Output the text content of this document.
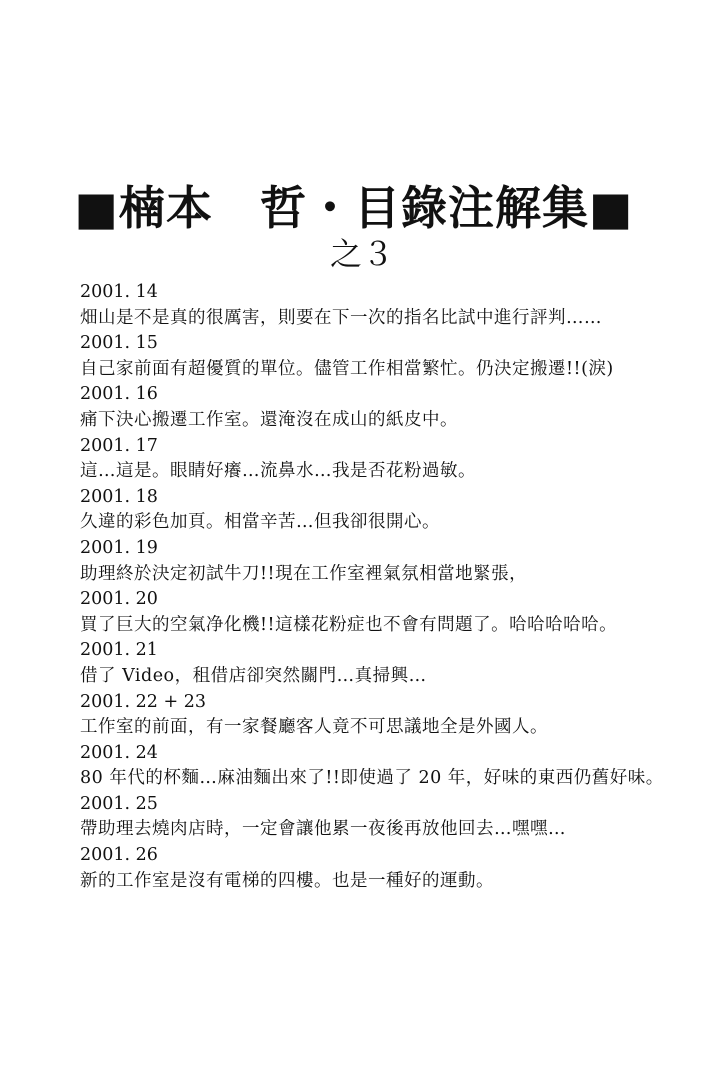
■楠本　哲・目錄注解集■
之３
2001. 14
畑山是不是真的很厲害，則要在下一次的指名比試中進行評判……
2001. 15
自己家前面有超優質的單位。儘管工作相當繁忙。仍決定搬遷!!(淚)
2001. 16
痛下決心搬遷工作室。還淹沒在成山的紙皮中。
2001. 17
這…這是。眼睛好癢…流鼻水…我是否花粉過敏。
2001. 18
久違的彩色加頁。相當辛苦…但我卻很開心。
2001. 19
助理終於決定初試牛刀!!現在工作室裡氣氛相當地緊張，
2001. 20
買了巨大的空氣净化機!!這樣花粉症也不會有問題了。哈哈哈哈哈。
2001. 21
借了 Video，租借店卻突然關門…真掃興…
2001. 22 + 23
工作室的前面，有一家餐廳客人竟不可思議地全是外國人。
2001. 24
80 年代的杯麵…麻油麵出來了!!即使過了 20 年，好味的東西仍舊好味。
2001. 25
帶助理去燒肉店時，一定會讓他累一夜後再放他回去…嘿嘿…
2001. 26
新的工作室是沒有電梯的四樓。也是一種好的運動。
